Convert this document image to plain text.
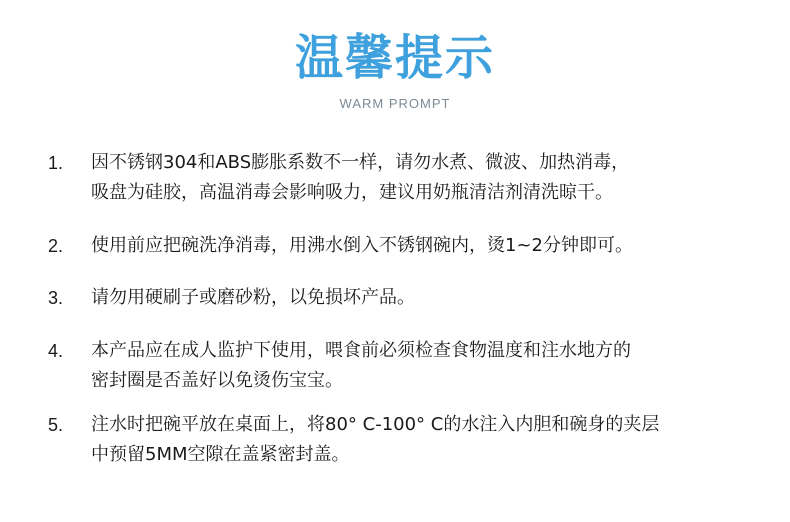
温馨提示
WARM PROMPT
1. 因不锈钢304和ABS膨胀系数不一样，请勿水煮、微波、加热消毒，
吸盘为硅胶，高温消毒会影响吸力，建议用奶瓶清洁剂清洗晾干。
2. 使用前应把碗洗净消毒，用沸水倒入不锈钢碗内，烫1~2分钟即可。
3. 请勿用硬刷子或磨砂粉，以免损坏产品。
4. 本产品应在成人监护下使用，喂食前必须检查食物温度和注水地方的
密封圈是否盖好以免烫伤宝宝。
5. 注水时把碗平放在桌面上，将80° C-100° C的水注入内胆和碗身的夹层
中预留5MM空隙在盖紧密封盖。
